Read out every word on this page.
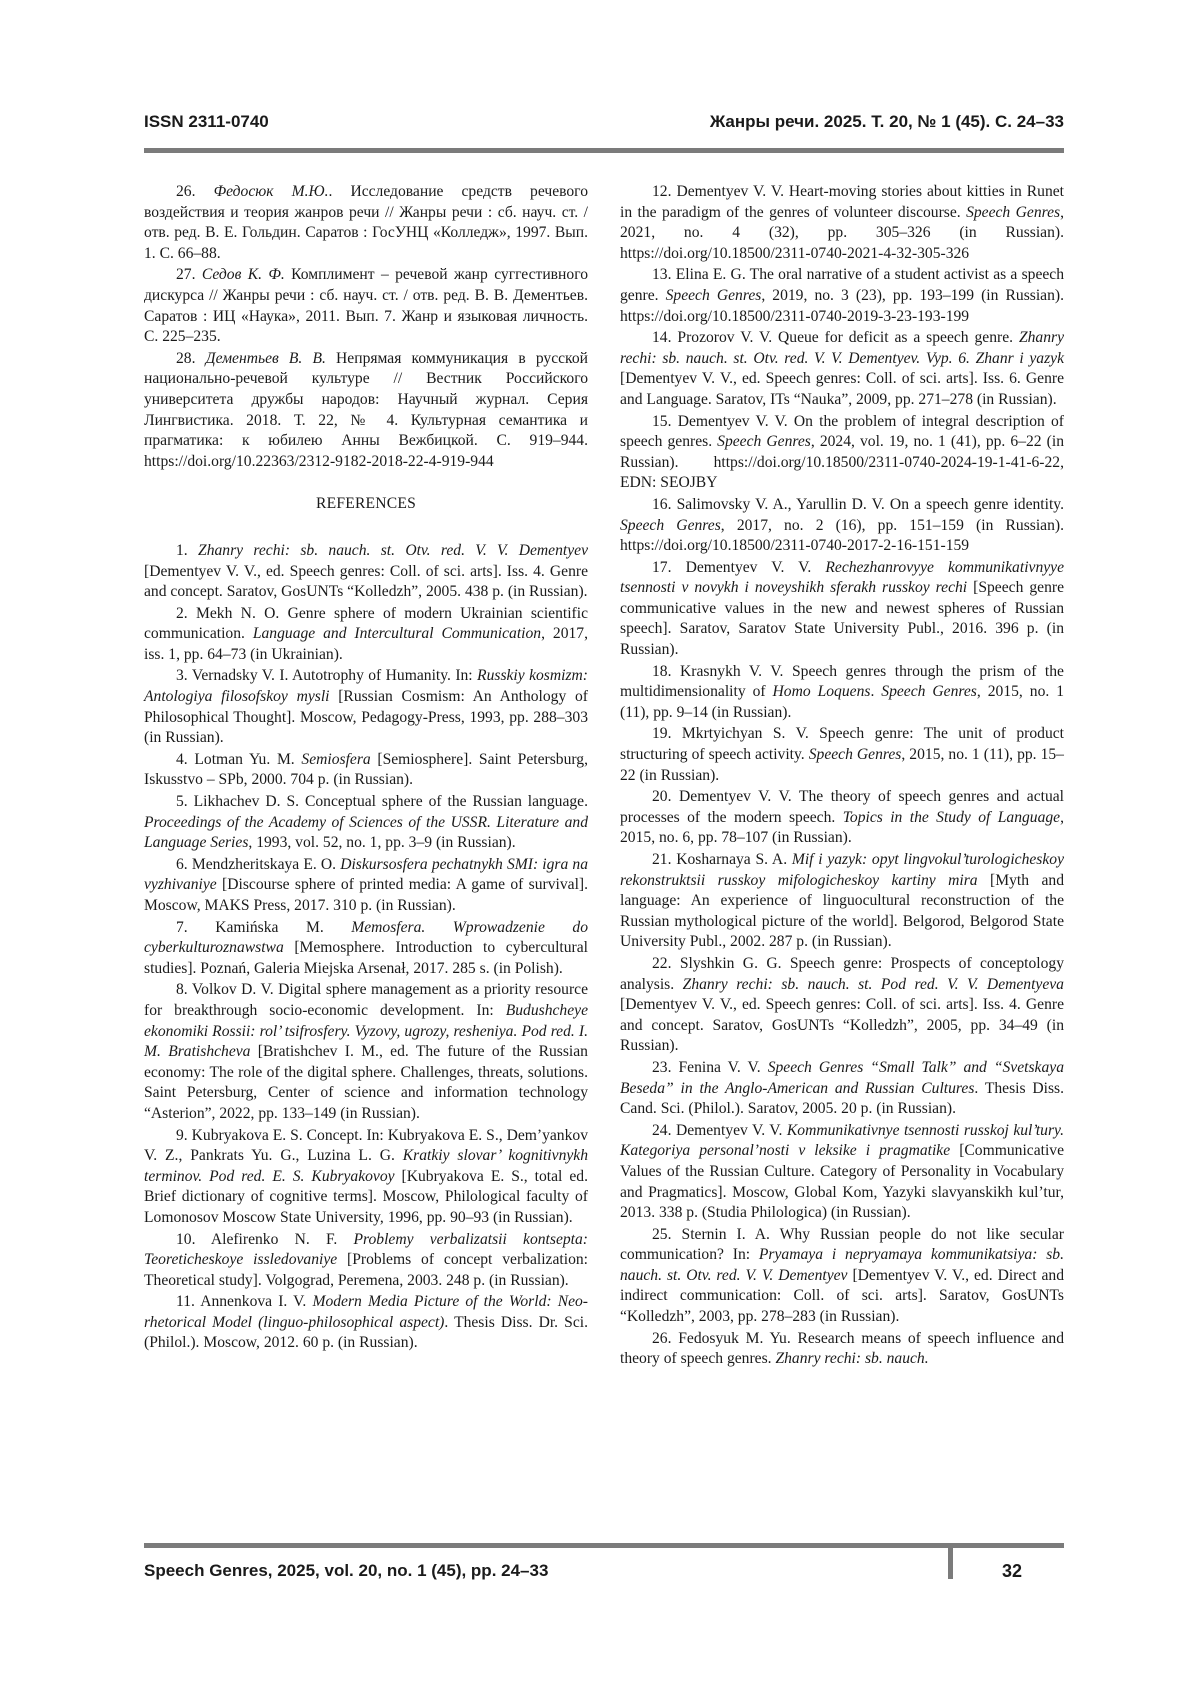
ISSN 2311-0740	Жанры речи. 2025. Т. 20, № 1 (45). С. 24–33

26. Федосюк М.Ю.. Исследование средств речевого воздействия и теория жанров речи // Жанры речи : сб. науч. ст. / отв. ред. В. Е. Гольдин. Саратов : ГосУНЦ «Колледж», 1997. Вып. 1. С. 66–88.

27. Седов К. Ф. Комплимент – речевой жанр суггестивного дискурса // Жанры речи : сб. науч. ст. / отв. ред. В. В. Дементьев. Саратов : ИЦ «Наука», 2011. Вып. 7. Жанр и языковая личность. С. 225–235.

28. Дементьев В. В. Непрямая коммуникация в русской национально-речевой культуре // Вестник Российского университета дружбы народов: Научный журнал. Серия Лингвистика. 2018. Т. 22, № 4. Культурная семантика и прагматика: к юбилею Анны Вежбицкой. С. 919–944. https://doi.org/10.22363/2312-9182-2018-22-4-919-944

REFERENCES

1. Zhanry rechi: sb. nauch. st. Otv. red. V. V. Dementyev [Dementyev V. V., ed. Speech genres: Coll. of sci. arts]. Iss. 4. Genre and concept. Saratov, GosUNTs “Kolledzh”, 2005. 438 p. (in Russian).

2. Mekh N. O. Genre sphere of modern Ukrainian scientific communication. Language and Intercultural Communication, 2017, iss. 1, pp. 64–73 (in Ukrainian).

3. Vernadsky V. I. Autotrophy of Humanity. In: Russkiy kosmizm: Antologiya filosofskoy mysli [Russian Cosmism: An Anthology of Philosophical Thought]. Moscow, Pedagogy-Press, 1993, pp. 288–303 (in Russian).

4. Lotman Yu. M. Semiosfera [Semiosphere]. Saint Petersburg, Iskusstvo – SPb, 2000. 704 p. (in Russian).

5. Likhachev D. S. Conceptual sphere of the Russian language. Proceedings of the Academy of Sciences of the USSR. Literature and Language Series, 1993, vol. 52, no. 1, pp. 3–9 (in Russian).

6. Mendzheritskaya E. O. Diskursosfera pechatnykh SMI: igra na vyzhivaniye [Discourse sphere of printed media: A game of survival]. Moscow, MAKS Press, 2017. 310 p. (in Russian).

7. Kamińska M. Memosfera. Wprowadzenie do cyberkulturoznawstwa [Memosphere. Introduction to cybercultural studies]. Poznań, Galeria Miejska Arsenał, 2017. 285 s. (in Polish).

8. Volkov D. V. Digital sphere management as a priority resource for breakthrough socio-economic development. In: Budushcheye ekonomiki Rossii: rol’ tsifrosfery. Vyzovy, ugrozy, resheniya. Pod red. I. M. Bratishcheva [Bratishchev I. M., ed. The future of the Russian economy: The role of the digital sphere. Challenges, threats, solutions. Saint Petersburg, Center of science and information technology “Asterion”, 2022, pp. 133–149 (in Russian).

9. Kubryakova E. S. Concept. In: Kubryakova E. S., Dem’yankov V. Z., Pankrats Yu. G., Luzina L. G. Kratkiy slovar’ kognitivnykh terminov. Pod red. E. S. Kubryakovoy [Kubryakova E. S., total ed. Brief dictionary of cognitive terms]. Moscow, Philological faculty of Lomonosov Moscow State University, 1996, pp. 90–93 (in Russian).

10. Alefirenko N. F. Problemy verbalizatsii kontsepta: Teoreticheskoye issledovaniye [Problems of concept verbalization: Theoretical study]. Volgograd, Peremena, 2003. 248 p. (in Russian).

11. Annenkova I. V. Modern Media Picture of the World: Neo-rhetorical Model (linguo-philosophical aspect). Thesis Diss. Dr. Sci. (Philol.). Moscow, 2012. 60 p. (in Russian).

12. Dementyev V. V. Heart-moving stories about kitties in Runet in the paradigm of the genres of volunteer discourse. Speech Genres, 2021, no. 4 (32), pp. 305–326 (in Russian). https://doi.org/10.18500/2311-0740-2021-4-32-305-326

13. Elina E. G. The oral narrative of a student activist as a speech genre. Speech Genres, 2019, no. 3 (23), pp. 193–199 (in Russian). https://doi.org/10.18500/2311-0740-2019-3-23-193-199

14. Prozorov V. V. Queue for deficit as a speech genre. Zhanry rechi: sb. nauch. st. Otv. red. V. V. Dementyev. Vyp. 6. Zhanr i yazyk [Dementyev V. V., ed. Speech genres: Coll. of sci. arts]. Iss. 6. Genre and Language. Saratov, ITs “Nauka”, 2009, pp. 271–278 (in Russian).

15. Dementyev V. V. On the problem of integral description of speech genres. Speech Genres, 2024, vol. 19, no. 1 (41), pp. 6–22 (in Russian). https://doi.org/10.18500/2311-0740-2024-19-1-41-6-22, EDN: SEOJBY

16. Salimovsky V. A., Yarullin D. V. On a speech genre identity. Speech Genres, 2017, no. 2 (16), pp. 151–159 (in Russian). https://doi.org/10.18500/2311-0740-2017-2-16-151-159

17. Dementyev V. V. Rechezhanrovyye kommunikativnyye tsennosti v novykh i noveyshikh sferakh russkoy rechi [Speech genre communicative values in the new and newest spheres of Russian speech]. Saratov, Saratov State University Publ., 2016. 396 p. (in Russian).

18. Krasnykh V. V. Speech genres through the prism of the multidimensionality of Homo Loquens. Speech Genres, 2015, no. 1 (11), pp. 9–14 (in Russian).

19. Mkrtyichyan S. V. Speech genre: The unit of product structuring of speech activity. Speech Genres, 2015, no. 1 (11), pp. 15–22 (in Russian).

20. Dementyev V. V. The theory of speech genres and actual processes of the modern speech. Topics in the Study of Language, 2015, no. 6, pp. 78–107 (in Russian).

21. Kosharnaya S. A. Mif i yazyk: opyt lingvokul’turologicheskoy rekonstruktsii russkoy mifologicheskoy kartiny mira [Myth and language: An experience of linguocultural reconstruction of the Russian mythological picture of the world]. Belgorod, Belgorod State University Publ., 2002. 287 p. (in Russian).

22. Slyshkin G. G. Speech genre: Prospects of conceptology analysis. Zhanry rechi: sb. nauch. st. Pod red. V. V. Dementyeva [Dementyev V. V., ed. Speech genres: Coll. of sci. arts]. Iss. 4. Genre and concept. Saratov, GosUNTs “Kolledzh”, 2005, pp. 34–49 (in Russian).

23. Fenina V. V. Speech Genres “Small Talk” and “Svetskaya Beseda” in the Anglo-American and Russian Cultures. Thesis Diss. Cand. Sci. (Philol.). Saratov, 2005. 20 p. (in Russian).

24. Dementyev V. V. Kommunikativnye tsennosti russkoj kul’tury. Kategoriya personal’nosti v leksike i pragmatike [Communicative Values of the Russian Culture. Category of Personality in Vocabulary and Pragmatics]. Moscow, Global Kom, Yazyki slavyanskikh kul’tur, 2013. 338 p. (Studia Philologica) (in Russian).

25. Sternin I. A. Why Russian people do not like secular communication? In: Pryamaya i nepryamaya kommunikatsiya: sb. nauch. st. Otv. red. V. V. Dementyev [Dementyev V. V., ed. Direct and indirect communication: Coll. of sci. arts]. Saratov, GosUNTs “Kolledzh”, 2003, pp. 278–283 (in Russian).

26. Fedosyuk M. Yu. Research means of speech influence and theory of speech genres. Zhanry rechi: sb. nauch.

Speech Genres, 2025, vol. 20, no. 1 (45), pp. 24–33	32
